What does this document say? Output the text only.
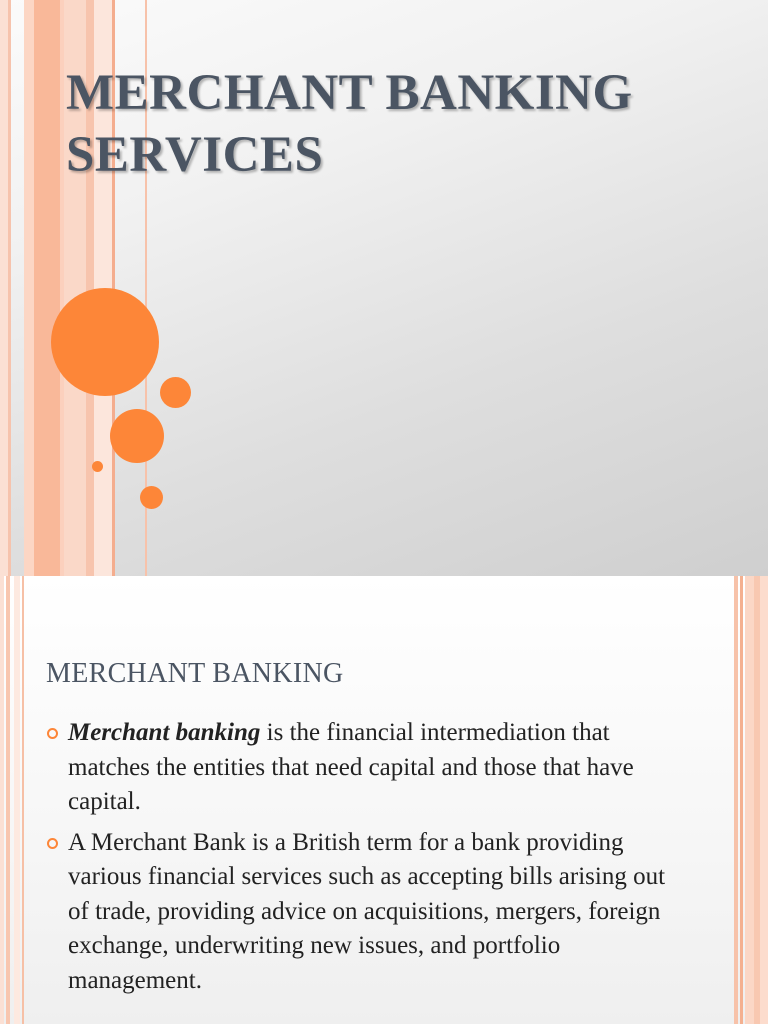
MERCHANT BANKING
SERVICES
MERCHANT BANKING
Merchant banking is the financial intermediation that matches the entities that need capital and those that have capital.
A Merchant Bank is a British term for a bank providing various financial services such as accepting bills arising out of trade, providing advice on acquisitions, mergers, foreign exchange, underwriting new issues, and portfolio management.
